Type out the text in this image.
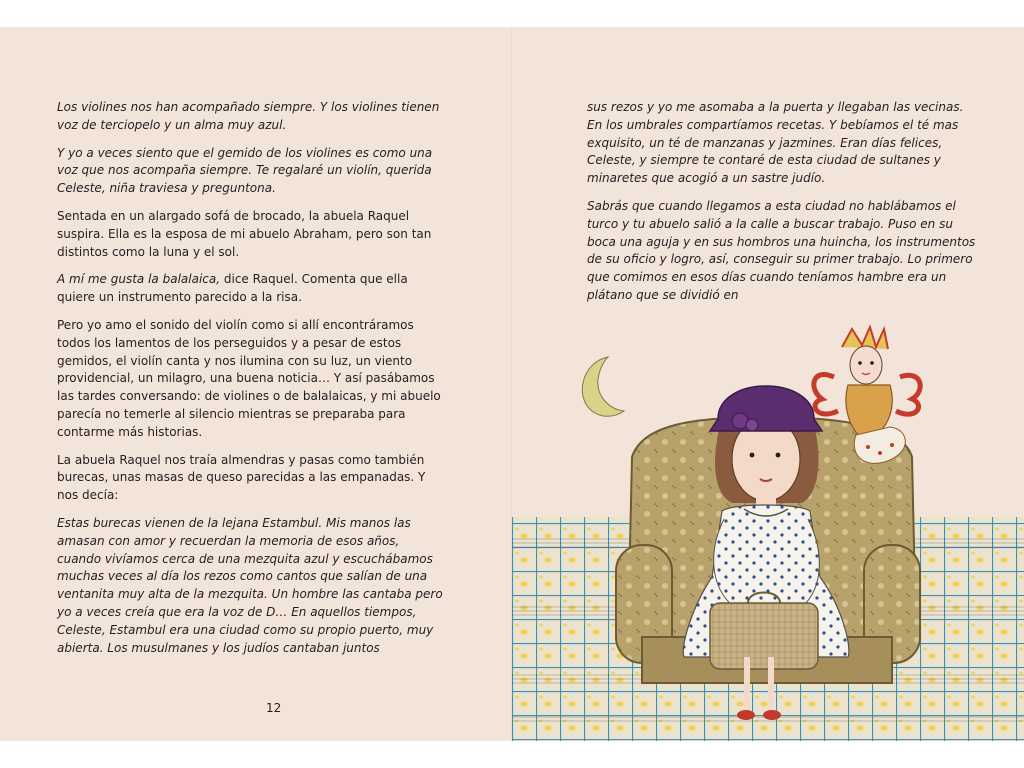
Los violines nos han acompañado siempre. Y los violines tienen voz de terciopelo y un alma muy azul.

Y yo a veces siento que el gemido de los violines es como una voz que nos acompaña siempre. Te regalaré un violín, querida Celeste, niña traviesa y preguntona.

Sentada en un alargado sofá de brocado, la abuela Raquel suspira. Ella es la esposa de mi abuelo Abraham, pero son tan distintos como la luna y el sol.

A mí me gusta la balalaica, dice Raquel. Comenta que ella quiere un instrumento parecido a la risa.

Pero yo amo el sonido del violín como si allí encontráramos todos los lamentos de los perseguidos y a pesar de estos gemidos, el violín canta y nos ilumina con su luz, un viento providencial, un milagro, una buena noticia… Y así pasábamos las tardes conversando: de violines o de balalaicas, y mi abuelo parecía no temerle al silencio mientras se preparaba para contarme más historias.

La abuela Raquel nos traía almendras y pasas como también burecas, unas masas de queso parecidas a las empanadas. Y nos decía:

Estas burecas vienen de la lejana Estambul. Mis manos las amasan con amor y recuerdan la memoria de esos años, cuando vivíamos cerca de una mezquita azul y escuchábamos muchas veces al día los rezos como cantos que salían de una ventanita muy alta de la mezquita. Un hombre las cantaba pero yo a veces creía que era la voz de D… En aquellos tiempos, Celeste, Estambul era una ciudad como su propio puerto, muy abierta. Los musulmanes y los judíos cantaban juntos

12

sus rezos y yo me asomaba a la puerta y llegaban las vecinas. En los umbrales compartíamos recetas. Y bebíamos el té mas exquisito, un té de manzanas y jazmines. Eran días felices, Celeste, y siempre te contaré de esta ciudad de sultanes y minaretes que acogió a un sastre judío.

Sabrás que cuando llegamos a esta ciudad no hablábamos el turco y tu abuelo salió a la calle a buscar trabajo. Puso en su boca una aguja y en sus hombros una huincha, los instrumentos de su oficio y logro, así, conseguir su primer trabajo. Lo primero que comimos en esos días cuando teníamos hambre era un plátano que se dividió en
